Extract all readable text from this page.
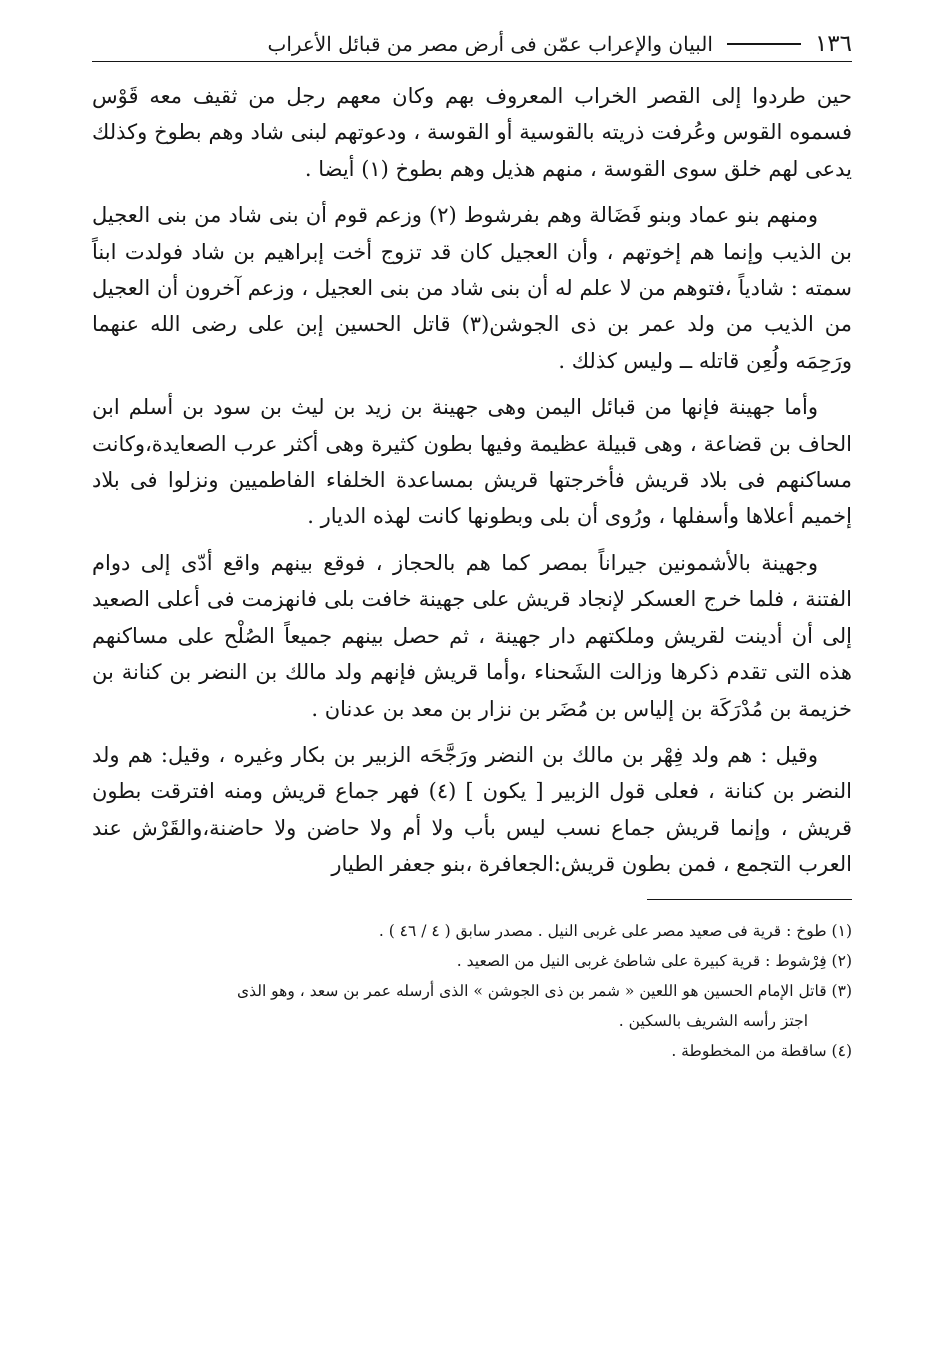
١٣٦
البيان والإعراب عمّن فى أرض مصر من قبائل الأعراب

حين طردوا إلى القصر الخراب المعروف بهم وكان معهم رجل من ثقيف معه قَوْس فسموه القوس وعُرفت ذريته بالقوسية أو القوسة ، ودعوتهم لبنى شاد وهم بطوخ وكذلك يدعى لهم خلق سوى القوسة ، منهم هذيل وهم بطوخ (١) أيضا .

ومنهم بنو عماد وبنو فَضَالة وهم بفرشوط (٢) وزعم قوم أن بنى شاد من بنى العجيل بن الذيب وإنما هم إخوتهم ، وأن العجيل كان قد تزوج أخت إبراهيم بن شاد فولدت ابناً سمته : شادياً ،فتوهم من لا علم له أن بنى شاد من بنى العجيل ، وزعم آخرون أن العجيل من الذيب من ولد عمر بن ذى الجوشن(٣) قاتل الحسين إبن على رضى الله عنهما ورَحِمَه ولُعِن قاتله ــ وليس كذلك .

وأما جهينة فإنها من قبائل اليمن وهى جهينة بن زيد بن ليث بن سود بن أسلم ابن الحاف بن قضاعة ، وهى قبيلة عظيمة وفيها بطون كثيرة وهى أكثر عرب الصعايدة،وكانت مساكنهم فى بلاد قريش فأخرجتها قريش بمساعدة الخلفاء الفاطميين ونزلوا فى بلاد إخميم أعلاها وأسفلها ، ورُوى أن بلى وبطونها كانت لهذه الديار .

وجهينة بالأشمونين جيراناً بمصر كما هم بالحجاز ، فوقع بينهم واقع أدّى إلى دوام الفتنة ، فلما خرج العسكر لإنجاد قريش على جهينة خافت بلى فانهزمت فى أعلى الصعيد إلى أن أدينت لقريش وملكتهم دار جهينة ، ثم حصل بينهم جميعاً الصُلْح على مساكنهم هذه التى تقدم ذكرها وزالت الشَحناء ،وأما قريش فإنهم ولد مالك بن النضر بن كنانة بن خزيمة بن مُدْرَكَة بن إلياس بن مُضَر بن نزار بن معد بن عدنان .

وقيل : هم ولد فِهْر بن مالك بن النضر ورَجَّحَه الزبير بن بكار وغيره ، وقيل: هم ولد النضر بن كنانة ، فعلى قول الزبير [ يكون ] (٤) فهر جماع قريش ومنه افترقت بطون قريش ، وإنما قريش جماع نسب ليس بأب ولا أم ولا حاضن ولا حاضنة،والقَرْش عند العرب التجمع ، فمن بطون قريش:الجعافرة ،بنو جعفر الطيار

(١) طوخ : قرية فى صعيد مصر على غربى النيل . مصدر سابق ( ٤ / ٤٦ ) .

(٢) فِرْشوط : قرية كبيرة على شاطئ غربى النيل من الصعيد .

(٣) قاتل الإمام الحسين هو اللعين « شمر بن ذى الجوشن » الذى أرسله عمر بن سعد ، وهو الذى
اجتز رأسه الشريف بالسكين .

(٤) ساقطة من المخطوطة .
